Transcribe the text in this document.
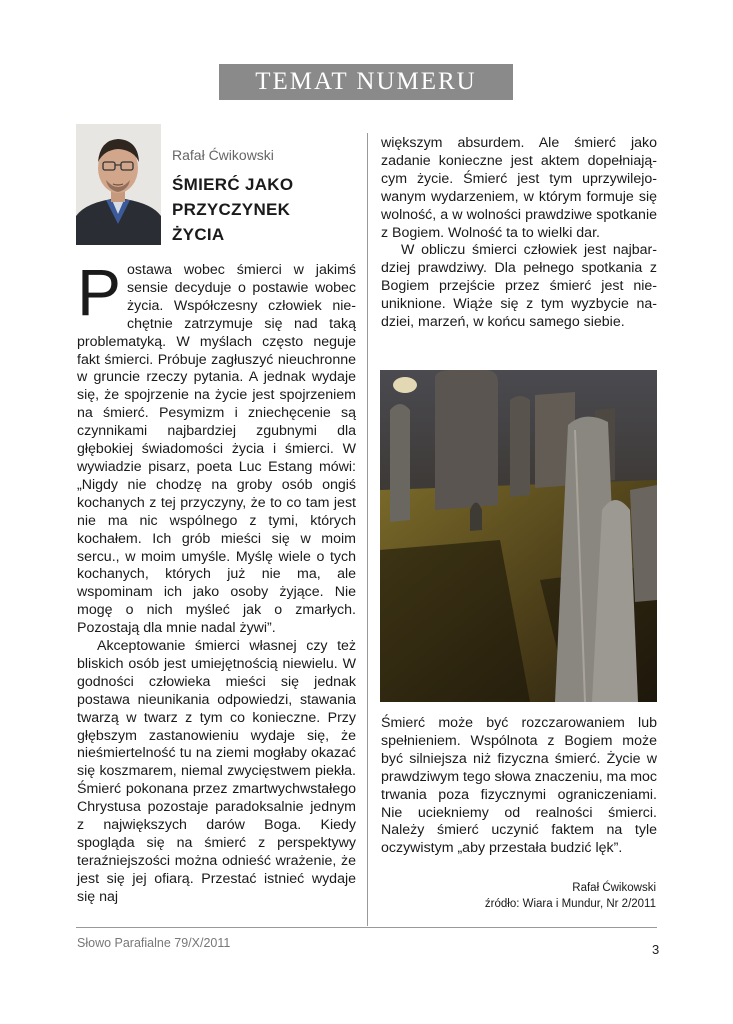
TEMAT NUMERU
Rafał Ćwikowski
ŚMIERĆ JAKO
PRZYCZYNEK
ŻYCIA

Postawa wobec śmierci w jakimś sensie decyduje o postawie wobec życia. Współczesny człowiek niechętnie zatrzymuje się nad taką problematyką. W myślach często neguje fakt śmierci. Próbuje zagłuszyć nieuchronne w gruncie rzeczy pytania. A jednak wydaje się, że spojrzenie na życie jest spojrzeniem na śmierć. Pesymizm i zniechęcenie są czynnikami najbardziej zgubnymi dla głębokiej świadomości życia i śmierci. W wywiadzie pisarz, poeta Luc Estang mówi: „Nigdy nie chodzę na groby osób ongiś kochanych z tej przyczyny, że to co tam jest nie ma nic wspólnego z tymi, których kochałem. Ich grób mieści się w moim sercu., w moim umyśle. Myślę wiele o tych kochanych, których już nie ma, ale wspominam ich jako osoby żyjące. Nie mogę o nich myśleć jak o zmarłych. Pozostają dla mnie nadal żywi”.

Akceptowanie śmierci własnej czy też bliskich osób jest umiejętnością niewielu. W godności człowieka mieści się jednak postawa nieunikania odpowiedzi, stawania twarzą w twarz z tym co konieczne. Przy głębszym zastanowieniu wydaje się, że nieśmiertelność tu na ziemi mogłaby okazać się koszmarem, niemal zwycięstwem piekła. Śmierć pokonana przez zmartwychwstałego Chrystusa pozostaje paradoksalnie jednym z największych darów Boga. Kiedy spogląda się na śmierć z perspektywy teraźniejszości można odnieść wrażenie, że jest się jej ofiarą. Przestać istnieć wydaje się naj

większym absurdem. Ale śmierć jako zadanie konieczne jest aktem dopełniającym życie. Śmierć jest tym uprzywilejowanym wydarzeniem, w którym formuje się wolność, a w wolności prawdziwe spotkanie z Bogiem. Wolność ta to wielki dar.

W obliczu śmierci człowiek jest najbardziej prawdziwy. Dla pełnego spotkania z Bogiem przejście przez śmierć jest nieuniknione. Wiąże się z tym wyzbycie nadziei, marzeń, w końcu samego siebie.

Śmierć może być rozczarowaniem lub spełnieniem. Wspólnota z Bogiem może być silniejsza niż fizyczna śmierć. Życie w prawdziwym tego słowa znaczeniu, ma moc trwania poza fizycznymi ograniczeniami. Nie uciekniemy od realności śmierci. Należy śmierć uczynić faktem na tyle oczywistym „aby przestała budzić lęk”.

Rafał Ćwikowski
źródło: Wiara i Mundur, Nr 2/2011
Słowo Parafialne 79/X/2011	3
